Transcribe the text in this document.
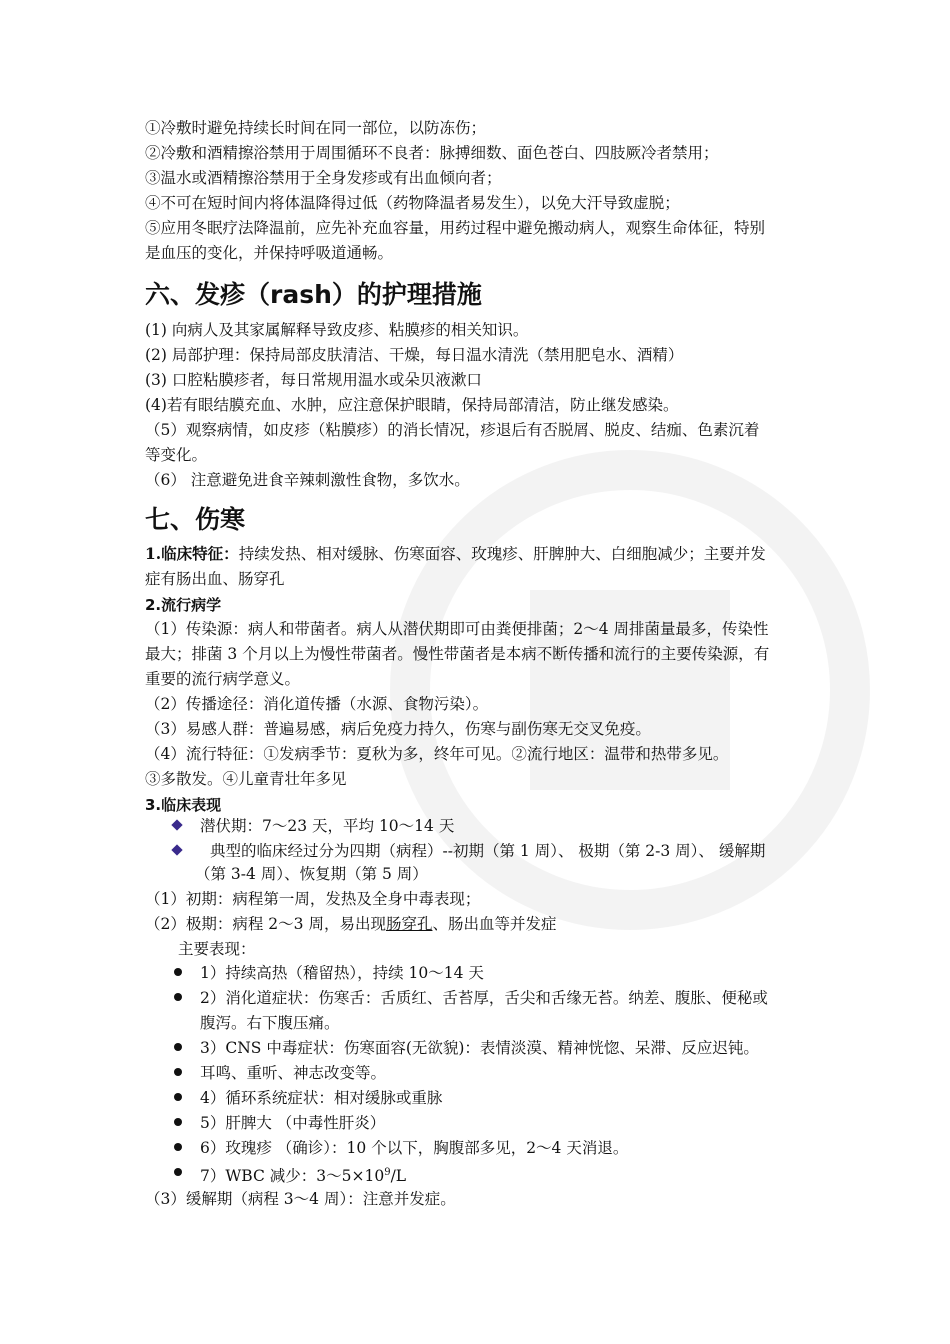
①冷敷时避免持续长时间在同一部位，以防冻伤；
②冷敷和酒精擦浴禁用于周围循环不良者：脉搏细数、面色苍白、四肢厥冷者禁用；
③温水或酒精擦浴禁用于全身发疹或有出血倾向者；
④不可在短时间内将体温降得过低（药物降温者易发生），以免大汗导致虚脱；
⑤应用冬眠疗法降温前，应先补充血容量，用药过程中避免搬动病人，观察生命体征，特别
是血压的变化，并保持呼吸道通畅。
六、发疹（rash）的护理措施
(1) 向病人及其家属解释导致皮疹、粘膜疹的相关知识。
(2) 局部护理：保持局部皮肤清洁、干燥，每日温水清洗（禁用肥皂水、酒精）
(3) 口腔粘膜疹者，每日常规用温水或朵贝液漱口
(4)若有眼结膜充血、水肿，应注意保护眼睛，保持局部清洁，防止继发感染。
（5）观察病情，如皮疹（粘膜疹）的消长情况，疹退后有否脱屑、脱皮、结痂、色素沉着
等变化。
（6） 注意避免进食辛辣刺激性食物，多饮水。
七、伤寒
1.临床特征：持续发热、相对缓脉、伤寒面容、玫瑰疹、肝脾肿大、白细胞减少；主要并发
症有肠出血、肠穿孔
2.流行病学
（1）传染源：病人和带菌者。病人从潜伏期即可由粪便排菌；2～4 周排菌量最多，传染性
最大；排菌 3 个月以上为慢性带菌者。慢性带菌者是本病不断传播和流行的主要传染源，有
重要的流行病学意义。
（2）传播途径：消化道传播（水源、食物污染）。
（3）易感人群：普遍易感，病后免疫力持久，伤寒与副伤寒无交叉免疫。
（4）流行特征：①发病季节：夏秋为多，终年可见。②流行地区：温带和热带多见。
③多散发。④儿童青壮年多见
3.临床表现
潜伏期：7～23 天，平均 10～14 天
典型的临床经过分为四期（病程）--初期（第 1 周）、 极期（第 2-3 周）、 缓解期
（第 3-4 周）、恢复期（第 5 周）
（1）初期：病程第一周，发热及全身中毒表现；
（2）极期：病程 2～3 周，易出现肠穿孔、肠出血等并发症
主要表现：
1）持续高热（稽留热），持续 10～14 天
2）消化道症状：伤寒舌：舌质红、舌苔厚，舌尖和舌缘无苔。纳差、腹胀、便秘或
腹泻。右下腹压痛。
3）CNS 中毒症状：伤寒面容(无欲貌)：表情淡漠、精神恍惚、呆滞、反应迟钝。
耳鸣、重听、神志改变等。
4）循环系统症状：相对缓脉或重脉
5）肝脾大 （中毒性肝炎）
6）玫瑰疹 （确诊）：10 个以下，胸腹部多见，2～4 天消退。
7）WBC 减少：$3\sim 5\times 10^9/L$
（3）缓解期（病程 3～4 周）：注意并发症。
